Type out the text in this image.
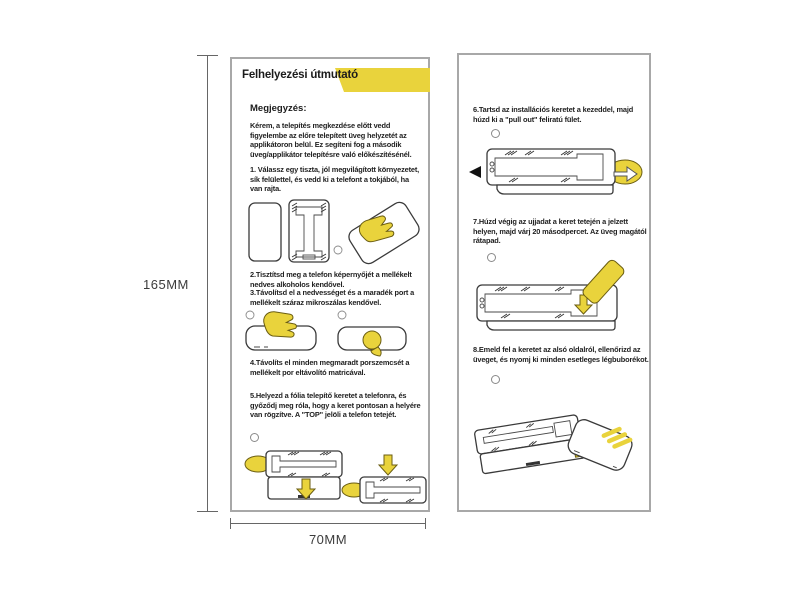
165MM
70MM
Felhelyezési útmutató
Megjegyzés:
Kérem, a telepítés megkezdése előtt vedd figyelembe az előre telepített üveg helyzetét az applikátoron belül. Ez segíteni fog a második üveg/applikátor telepítésre való előkészítésénél.
1. Válassz egy tiszta, jól megvilágított környezetet, sík felülettel, és vedd ki a telefont a tokjából, ha van rajta.
2.Tisztítsd meg a telefon képernyőjét a mellékelt nedves alkoholos kendővel.
3.Távolítsd el a nedvességet és a maradék port a mellékelt száraz mikroszálas kendővel.
4.Távolíts el minden megmaradt porszemcsét a mellékelt por eltávolító matricával.
5.Helyezd a fólia telepítő keretet a telefonra, és győződj meg róla, hogy a keret pontosan a helyére van rögzítve. A "TOP" jelöli a telefon tetejét.
6.Tartsd az installációs keretet a kezeddel, majd húzd ki a "pull out" feliratú fület.
7.Húzd végig az ujjadat a keret tetején a jelzett helyen, majd várj 20 másodpercet. Az üveg magától rátapad.
8.Emeld fel a keretet az alsó oldalról, ellenőrizd az üveget, és nyomj ki minden esetleges légbuborékot.
